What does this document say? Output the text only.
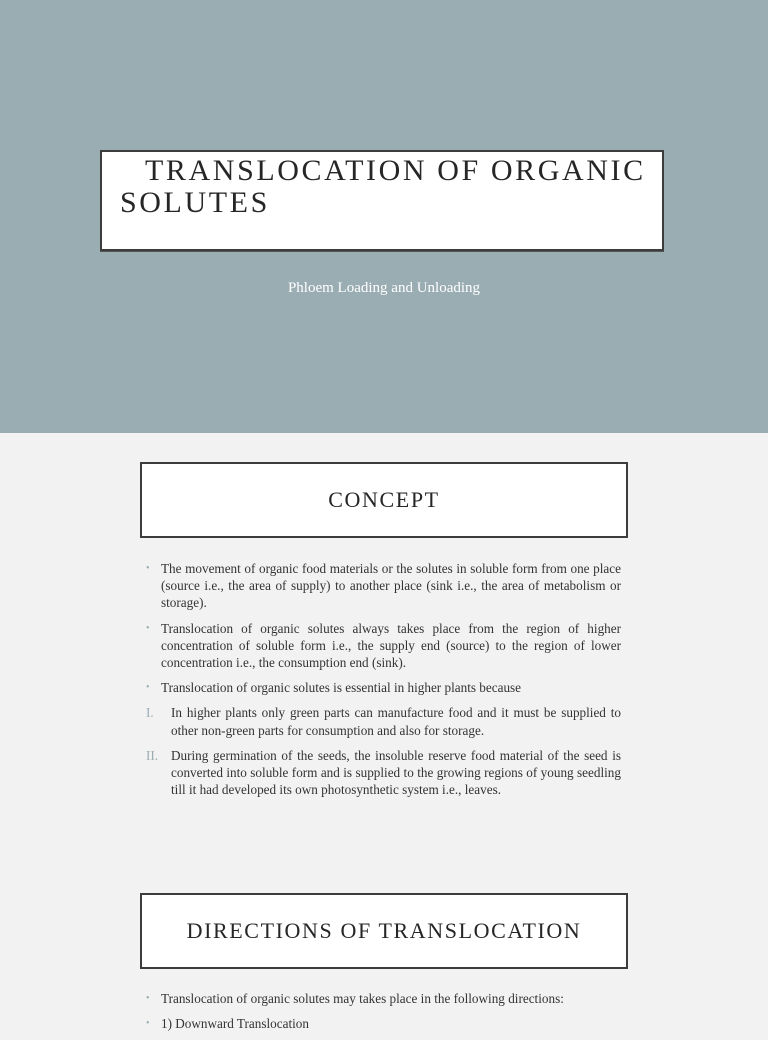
TRANSLOCATION OF ORGANIC SOLUTES
Phloem Loading and Unloading
CONCEPT
• The movement of organic food materials or the solutes in soluble form from one place (source i.e., the area of supply) to another place (sink i.e., the area of metabolism or storage).
• Translocation of organic solutes always takes place from the region of higher concentration of soluble form i.e., the supply end (source) to the region of lower concentration i.e., the consumption end (sink).
• Translocation of organic solutes is essential in higher plants because
I. In higher plants only green parts can manufacture food and it must be supplied to other non-green parts for consumption and also for storage.
II. During germination of the seeds, the insoluble reserve food material of the seed is converted into soluble form and is supplied to the growing regions of young seedling till it had developed its own photosynthetic system i.e., leaves.
DIRECTIONS OF TRANSLOCATION
• Translocation of organic solutes may takes place in the following directions:
• 1) Downward Translocation
